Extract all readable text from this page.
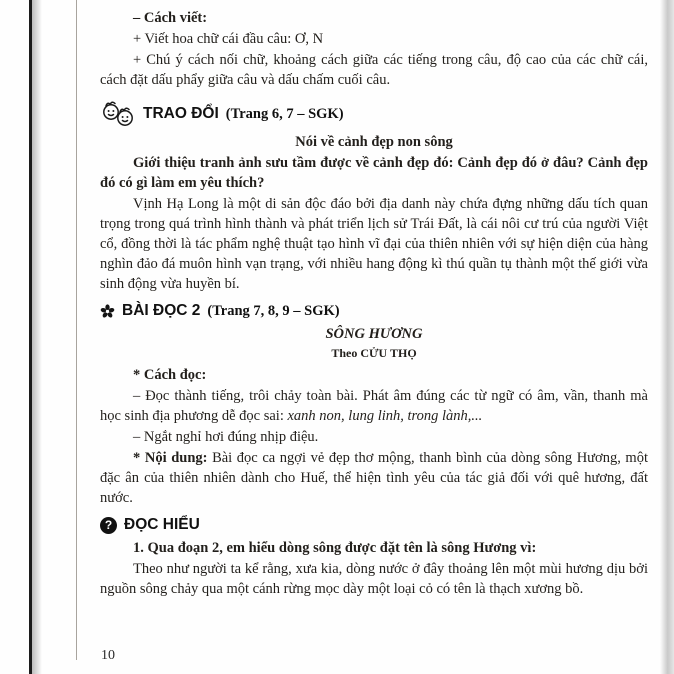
– Cách viết:

+ Viết hoa chữ cái đầu câu: Ơ, N

+ Chú ý cách nối chữ, khoảng cách giữa các tiếng trong câu, độ cao của các chữ cái, cách đặt dấu phẩy giữa câu và dấu chấm cuối câu.

TRAO ĐỔI (Trang 6, 7 – SGK)

Nói về cảnh đẹp non sông

Giới thiệu tranh ảnh sưu tầm được về cảnh đẹp đó: Cảnh đẹp đó ở đâu? Cảnh đẹp đó có gì làm em yêu thích?

Vịnh Hạ Long là một di sản độc đáo bởi địa danh này chứa đựng những dấu tích quan trọng trong quá trình hình thành và phát triển lịch sử Trái Đất, là cái nôi cư trú của người Việt cổ, đồng thời là tác phẩm nghệ thuật tạo hình vĩ đại của thiên nhiên với sự hiện diện của hàng nghìn đảo đá muôn hình vạn trạng, với nhiều hang động kì thú quần tụ thành một thế giới vừa sinh động vừa huyền bí.

BÀI ĐỌC 2 (Trang 7, 8, 9 – SGK)

SÔNG HƯƠNG

Theo CỬU THỌ

* Cách đọc:

– Đọc thành tiếng, trôi chảy toàn bài. Phát âm đúng các từ ngữ có âm, vần, thanh mà học sinh địa phương dễ đọc sai: xanh non, lung linh, trong lành,...

– Ngắt nghỉ hơi đúng nhịp điệu.

* Nội dung: Bài đọc ca ngợi vẻ đẹp thơ mộng, thanh bình của dòng sông Hương, một đặc ân của thiên nhiên dành cho Huế, thể hiện tình yêu của tác giả đối với quê hương, đất nước.

? ĐỌC HIỂU

1. Qua đoạn 2, em hiểu dòng sông được đặt tên là sông Hương vì:

Theo như người ta kể rằng, xưa kia, dòng nước ở đây thoảng lên một mùi hương dịu bởi nguồn sông chảy qua một cánh rừng mọc dày một loại cỏ có tên là thạch xương bồ.

10
